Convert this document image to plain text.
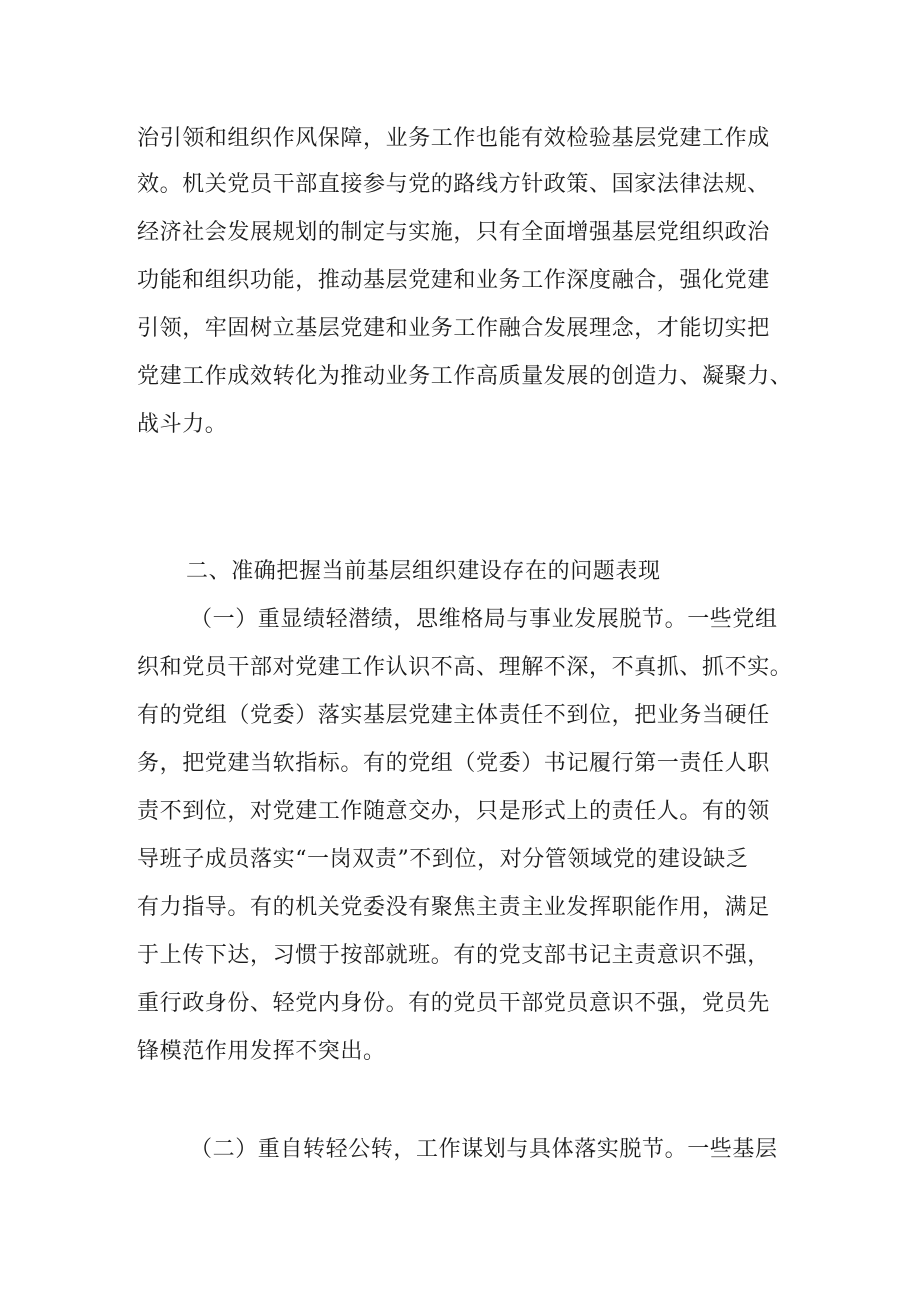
治引领和组织作风保障，业务工作也能有效检验基层党建工作成
效。机关党员干部直接参与党的路线方针政策、国家法律法规、
经济社会发展规划的制定与实施，只有全面增强基层党组织政治
功能和组织功能，推动基层党建和业务工作深度融合，强化党建
引领，牢固树立基层党建和业务工作融合发展理念，才能切实把
党建工作成效转化为推动业务工作高质量发展的创造力、凝聚力、
战斗力。
二、准确把握当前基层组织建设存在的问题表现
（一）重显绩轻潜绩，思维格局与事业发展脱节。一些党组
织和党员干部对党建工作认识不高、理解不深，不真抓、抓不实。
有的党组（党委）落实基层党建主体责任不到位，把业务当硬任
务，把党建当软指标。有的党组（党委）书记履行第一责任人职
责不到位，对党建工作随意交办，只是形式上的责任人。有的领
导班子成员落实“一岗双责”不到位，对分管领域党的建设缺乏
有力指导。有的机关党委没有聚焦主责主业发挥职能作用，满足
于上传下达，习惯于按部就班。有的党支部书记主责意识不强，
重行政身份、轻党内身份。有的党员干部党员意识不强，党员先
锋模范作用发挥不突出。
（二）重自转轻公转，工作谋划与具体落实脱节。一些基层
